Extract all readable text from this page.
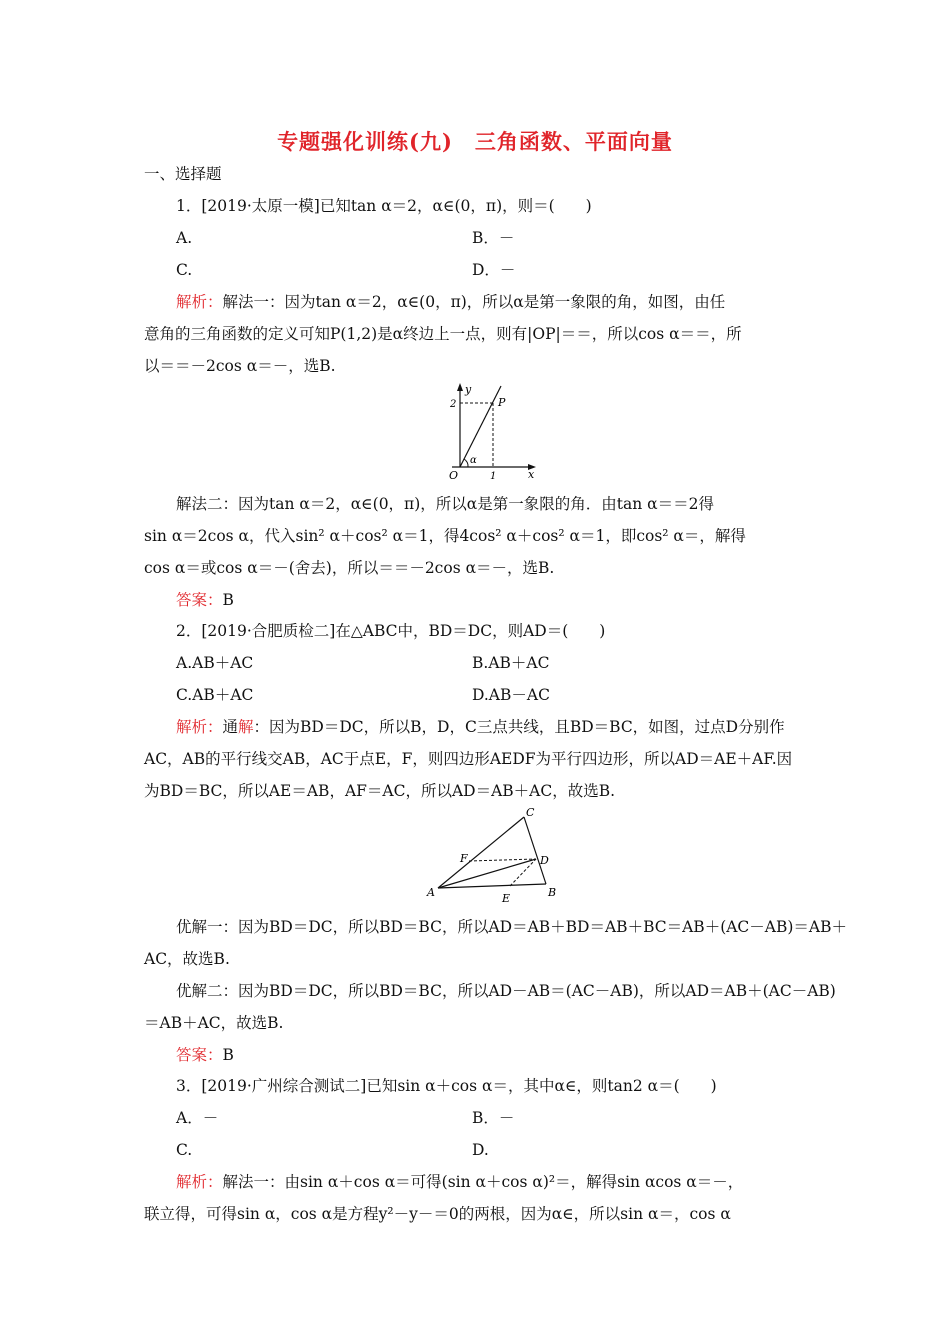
专题强化训练(九)　三角函数、平面向量
一、选择题
1．[2019·太原一模]已知tan α＝2，α∈(0，π)，则＝(　　)
A.	B．－
C.	D．－
解析：解法一：因为tan α＝2，α∈(0，π)，所以α是第一象限的角，如图，由任
意角的三角函数的定义可知P(1,2)是α终边上一点，则有|OP|＝＝，所以cos α＝＝，所
以＝＝－2cos α＝－，选B.
y
x
O
P
α
2
1
解法二：因为tan α＝2，α∈(0，π)，所以α是第一象限的角．由tan α＝＝2得
sin α＝2cos α，代入sin² α＋cos² α＝1，得4cos² α＋cos² α＝1，即cos² α＝，解得
cos α＝或cos α＝－(舍去)，所以＝＝－2cos α＝－，选B.
答案：B
2．[2019·合肥质检二]在△ABC中，BD＝DC，则AD＝(　　)
A.AB＋AC	B.AB＋AC
C.AB＋AC	D.AB－AC
解析：通解：因为BD＝DC，所以B，D，C三点共线，且BD＝BC，如图，过点D分别作
AC，AB的平行线交AB，AC于点E，F，则四边形AEDF为平行四边形，所以AD＝AE＋AF.因
为BD＝BC，所以AE＝AB，AF＝AC，所以AD＝AB＋AC，故选B.
A	B
C
D
E
F
优解一：因为BD＝DC，所以BD＝BC，所以AD＝AB＋BD＝AB＋BC＝AB＋(AC－AB)＝AB＋
AC，故选B.
优解二：因为BD＝DC，所以BD＝BC，所以AD－AB＝(AC－AB)，所以AD＝AB＋(AC－AB)
＝AB＋AC，故选B.
答案：B
3．[2019·广州综合测试二]已知sin α＋cos α＝，其中α∈，则tan2 α＝(　　)
A．－	B．－
C.	D.
解析：解法一：由sin α＋cos α＝可得(sin α＋cos α)²＝，解得sin αcos α＝－，
联立得，可得sin α，cos α是方程y²－y－＝0的两根，因为α∈，所以sin α＝，cos α
